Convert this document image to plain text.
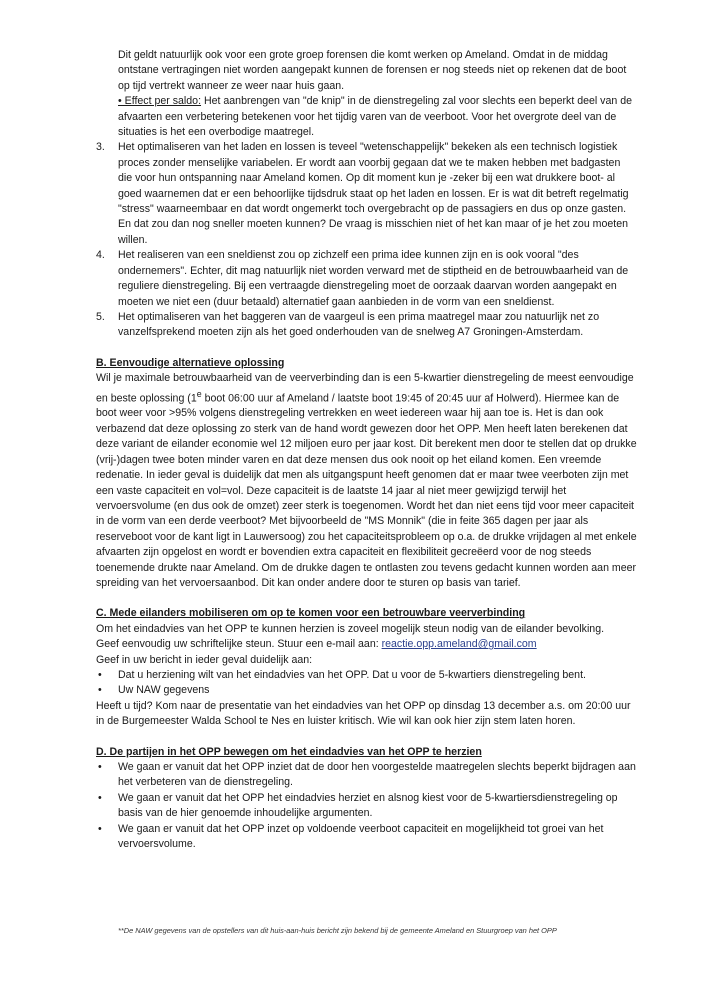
Dit geldt natuurlijk ook voor een grote groep forensen die komt werken op Ameland. Omdat in de middag ontstane vertragingen niet worden aangepakt kunnen de forensen er nog steeds niet op rekenen dat de boot op tijd vertrekt wanneer ze weer naar huis gaan.

• Effect per saldo: Het aanbrengen van "de knip" in de dienstregeling zal voor slechts een beperkt deel van de afvaarten een verbetering betekenen voor het tijdig varen van de veerboot. Voor het overgrote deel van de situaties is het een overbodige maatregel.

3. Het optimaliseren van het laden en lossen is teveel "wetenschappelijk" bekeken als een technisch logistiek proces zonder menselijke variabelen. Er wordt aan voorbij gegaan dat we te maken hebben met badgasten die voor hun ontspanning naar Ameland komen. Op dit moment kun je -zeker bij een wat drukkere boot- al goed waarnemen dat er een behoorlijke tijdsdruk staat op het laden en lossen. Er is wat dit betreft regelmatig "stress" waarneembaar en dat wordt ongemerkt toch overgebracht op de passagiers en dus op onze gasten. En dat zou dan nog sneller moeten kunnen? De vraag is misschien niet of het kan maar of je het zou moeten willen.
4. Het realiseren van een sneldienst zou op zichzelf een prima idee kunnen zijn en is ook vooral "des ondernemers". Echter, dit mag natuurlijk niet worden verward met de stiptheid en de betrouwbaarheid van de reguliere dienstregeling. Bij een vertraagde dienstregeling moet de oorzaak daarvan worden aangepakt en moeten we niet een (duur betaald) alternatief gaan aanbieden in de vorm van een sneldienst.
5. Het optimaliseren van het baggeren van de vaargeul is een prima maatregel maar zou natuurlijk net zo vanzelfsprekend moeten zijn als het goed onderhouden van de snelweg A7 Groningen-Amsterdam.

B. Eenvoudige alternatieve oplossing

Wil je maximale betrouwbaarheid van de veerverbinding dan is een 5-kwartier dienstregeling de meest eenvoudige en beste oplossing (1e boot 06:00 uur af Ameland / laatste boot 19:45 of 20:45 uur af Holwerd). Hiermee kan de boot weer voor >95% volgens dienstregeling vertrekken en weet iedereen waar hij aan toe is. Het is dan ook verbazend dat deze oplossing zo sterk van de hand wordt gewezen door het OPP. Men heeft laten berekenen dat deze variant de eilander economie wel 12 miljoen euro per jaar kost. Dit berekent men door te stellen dat op drukke (vrij-)dagen twee boten minder varen en dat deze mensen dus ook nooit op het eiland komen. Een vreemde redenatie. In ieder geval is duidelijk dat men als uitgangspunt heeft genomen dat er maar twee veerboten zijn met een vaste capaciteit en vol=vol. Deze capaciteit is de laatste 14 jaar al niet meer gewijzigd terwijl het vervoersvolume (en dus ook de omzet) zeer sterk is toegenomen. Wordt het dan niet eens tijd voor meer capaciteit in de vorm van een derde veerboot? Met bijvoorbeeld de "MS Monnik" (die in feite 365 dagen per jaar als reserveboot voor de kant ligt in Lauwersoog) zou het capaciteitsprobleem op o.a. de drukke vrijdagen al met enkele afvaarten zijn opgelost en wordt er bovendien extra capaciteit en flexibiliteit gecreëerd voor de nog steeds toenemende drukte naar Ameland. Om de drukke dagen te ontlasten zou tevens gedacht kunnen worden aan meer spreiding van het vervoersaanbod. Dit kan onder andere door te sturen op basis van tarief.

C. Mede eilanders mobiliseren om op te komen voor een betrouwbare veerverbinding

Om het eindadvies van het OPP te kunnen herzien is zoveel mogelijk steun nodig van de eilander bevolking.

Geef eenvoudig uw schriftelijke steun. Stuur een e-mail aan: reactie.opp.ameland@gmail.com

Geef in uw bericht in ieder geval duidelijk aan:

• Dat u herziening wilt van het eindadvies van het OPP. Dat u voor de 5-kwartiers dienstregeling bent.
• Uw NAW gegevens

Heeft u tijd? Kom naar de presentatie van het eindadvies van het OPP op dinsdag 13 december a.s. om 20:00 uur in de Burgemeester Walda School te Nes en luister kritisch. Wie wil kan ook hier zijn stem laten horen.

D. De partijen in het OPP bewegen om het eindadvies van het OPP te herzien

• We gaan er vanuit dat het OPP inziet dat de door hen voorgestelde maatregelen slechts beperkt bijdragen aan het verbeteren van de dienstregeling.
• We gaan er vanuit dat het OPP het eindadvies herziet en alsnog kiest voor de 5-kwartiersdienstregeling op basis van de hier genoemde inhoudelijke argumenten.
• We gaan er vanuit dat het OPP inzet op voldoende veerboot capaciteit en mogelijkheid tot groei van het vervoersvolume.

**De NAW gegevens van de opstellers van dit huis-aan-huis bericht zijn bekend bij de gemeente Ameland en Stuurgroep van het OPP
